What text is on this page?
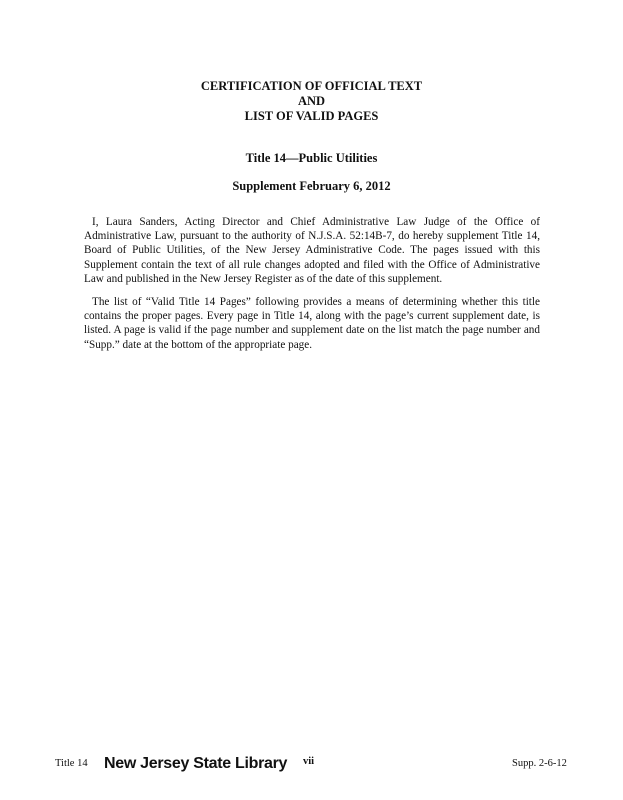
CERTIFICATION OF OFFICIAL TEXT
AND
LIST OF VALID PAGES
Title 14—Public Utilities
Supplement February 6, 2012

I, Laura Sanders, Acting Director and Chief Administrative Law Judge of the Office of Administrative Law, pursuant to the authority of N.J.S.A. 52:14B-7, do hereby supplement Title 14, Board of Public Utilities, of the New Jersey Administrative Code. The pages issued with this Supplement contain the text of all rule changes adopted and filed with the Office of Administrative Law and published in the New Jersey Register as of the date of this supplement.

The list of “Valid Title 14 Pages” following provides a means of determining whether this title contains the proper pages. Every page in Title 14, along with the page’s current supplement date, is listed. A page is valid if the page number and supplement date on the list match the page number and “Supp.” date at the bottom of the appropriate page.

Title 14 New Jersey State Library vii	Supp. 2-6-12
